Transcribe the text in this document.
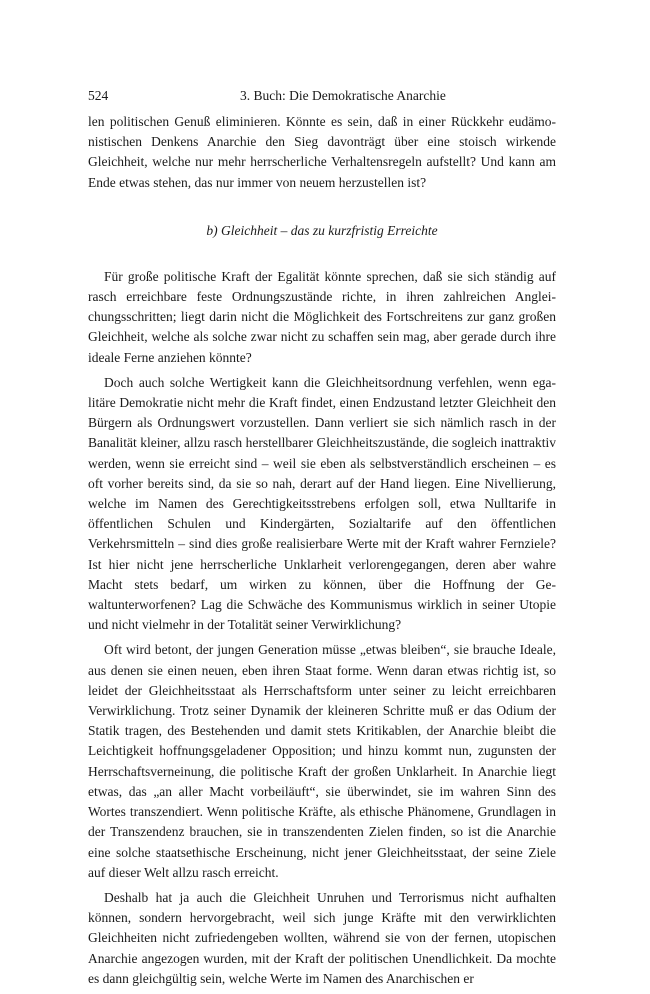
524	3. Buch: Die Demokratische Anarchie

len politischen Genuß eliminieren. Könnte es sein, daß in einer Rückkehr eudämonistischen Denkens Anarchie den Sieg davonträgt über eine stoisch wirkende Gleichheit, welche nur mehr herrscherliche Verhaltensregeln aufstellt? Und kann am Ende etwas stehen, das nur immer von neuem herzustellen ist?

b) Gleichheit – das zu kurzfristig Erreichte

Für große politische Kraft der Egalität könnte sprechen, daß sie sich ständig auf rasch erreichbare feste Ordnungszustände richte, in ihren zahlreichen Angleichungsschritten; liegt darin nicht die Möglichkeit des Fortschreitens zur ganz großen Gleichheit, welche als solche zwar nicht zu schaffen sein mag, aber gerade durch ihre ideale Ferne anziehen könnte?

Doch auch solche Wertigkeit kann die Gleichheitsordnung verfehlen, wenn egalitäre Demokratie nicht mehr die Kraft findet, einen Endzustand letzter Gleichheit den Bürgern als Ordnungswert vorzustellen. Dann verliert sie sich nämlich rasch in der Banalität kleiner, allzu rasch herstellbarer Gleichheitszustände, die sogleich inattraktiv werden, wenn sie erreicht sind – weil sie eben als selbstverständlich erscheinen – es oft vorher bereits sind, da sie so nah, derart auf der Hand liegen. Eine Nivellierung, welche im Namen des Gerechtigkeitsstrebens erfolgen soll, etwa Nulltarife in öffentlichen Schulen und Kindergärten, Sozialtarife auf den öffentlichen Verkehrsmitteln – sind dies große realisierbare Werte mit der Kraft wahrer Fernziele? Ist hier nicht jene herrscherliche Unklarheit verlorengegangen, deren aber wahre Macht stets bedarf, um wirken zu können, über die Hoffnung der Gewaltunterworfenen? Lag die Schwäche des Kommunismus wirklich in seiner Utopie und nicht vielmehr in der Totalität seiner Verwirklichung?

Oft wird betont, der jungen Generation müsse „etwas bleiben“, sie brauche Ideale, aus denen sie einen neuen, eben ihren Staat forme. Wenn daran etwas richtig ist, so leidet der Gleichheitsstaat als Herrschaftsform unter seiner zu leicht erreichbaren Verwirklichung. Trotz seiner Dynamik der kleineren Schritte muß er das Odium der Statik tragen, des Bestehenden und damit stets Kritikablen, der Anarchie bleibt die Leichtigkeit hoffnungsgeladener Opposition; und hinzu kommt nun, zugunsten der Herrschaftsverneinung, die politische Kraft der großen Unklarheit. In Anarchie liegt etwas, das „an aller Macht vorbeiläuft“, sie überwindet, sie im wahren Sinn des Wortes transzendiert. Wenn politische Kräfte, als ethische Phänomene, Grundlagen in der Transzendenz brauchen, sie in transzendenten Zielen finden, so ist die Anarchie eine solche staatsethische Erscheinung, nicht jener Gleichheitsstaat, der seine Ziele auf dieser Welt allzu rasch erreicht.

Deshalb hat ja auch die Gleichheit Unruhen und Terrorismus nicht aufhalten können, sondern hervorgebracht, weil sich junge Kräfte mit den verwirklichten Gleichheiten nicht zufriedengeben wollten, während sie von der fernen, utopischen Anarchie angezogen wurden, mit der Kraft der politischen Unendlichkeit. Da mochte es dann gleichgültig sein, welche Werte im Namen des Anarchischen er
